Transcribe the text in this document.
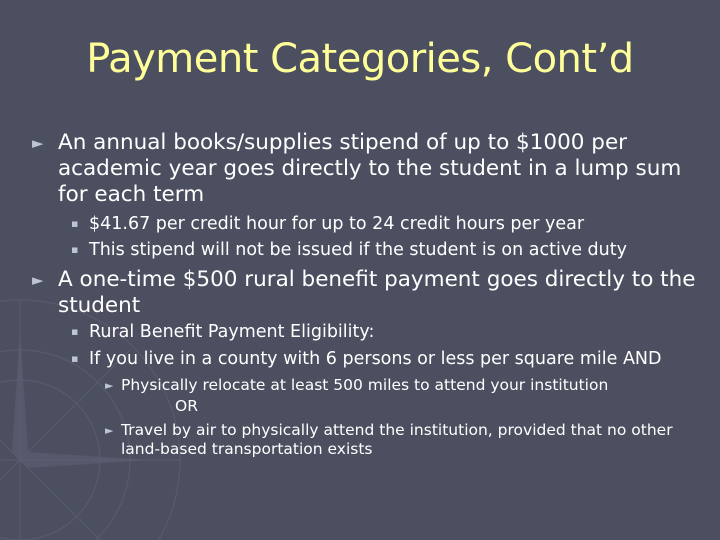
Payment Categories, Cont’d
► An annual books/supplies stipend of up to $1000 per academic year goes directly to the student in a lump sum for each term
▪ $41.67 per credit hour for up to 24 credit hours per year
▪ This stipend will not be issued if the student is on active duty
► A one-time $500 rural benefit payment goes directly to the student
▪ Rural Benefit Payment Eligibility:
▪ If you live in a county with 6 persons or less per square mile AND
► Physically relocate at least 500 miles to attend your institution
OR
► Travel by air to physically attend the institution, provided that no other land-based transportation exists
